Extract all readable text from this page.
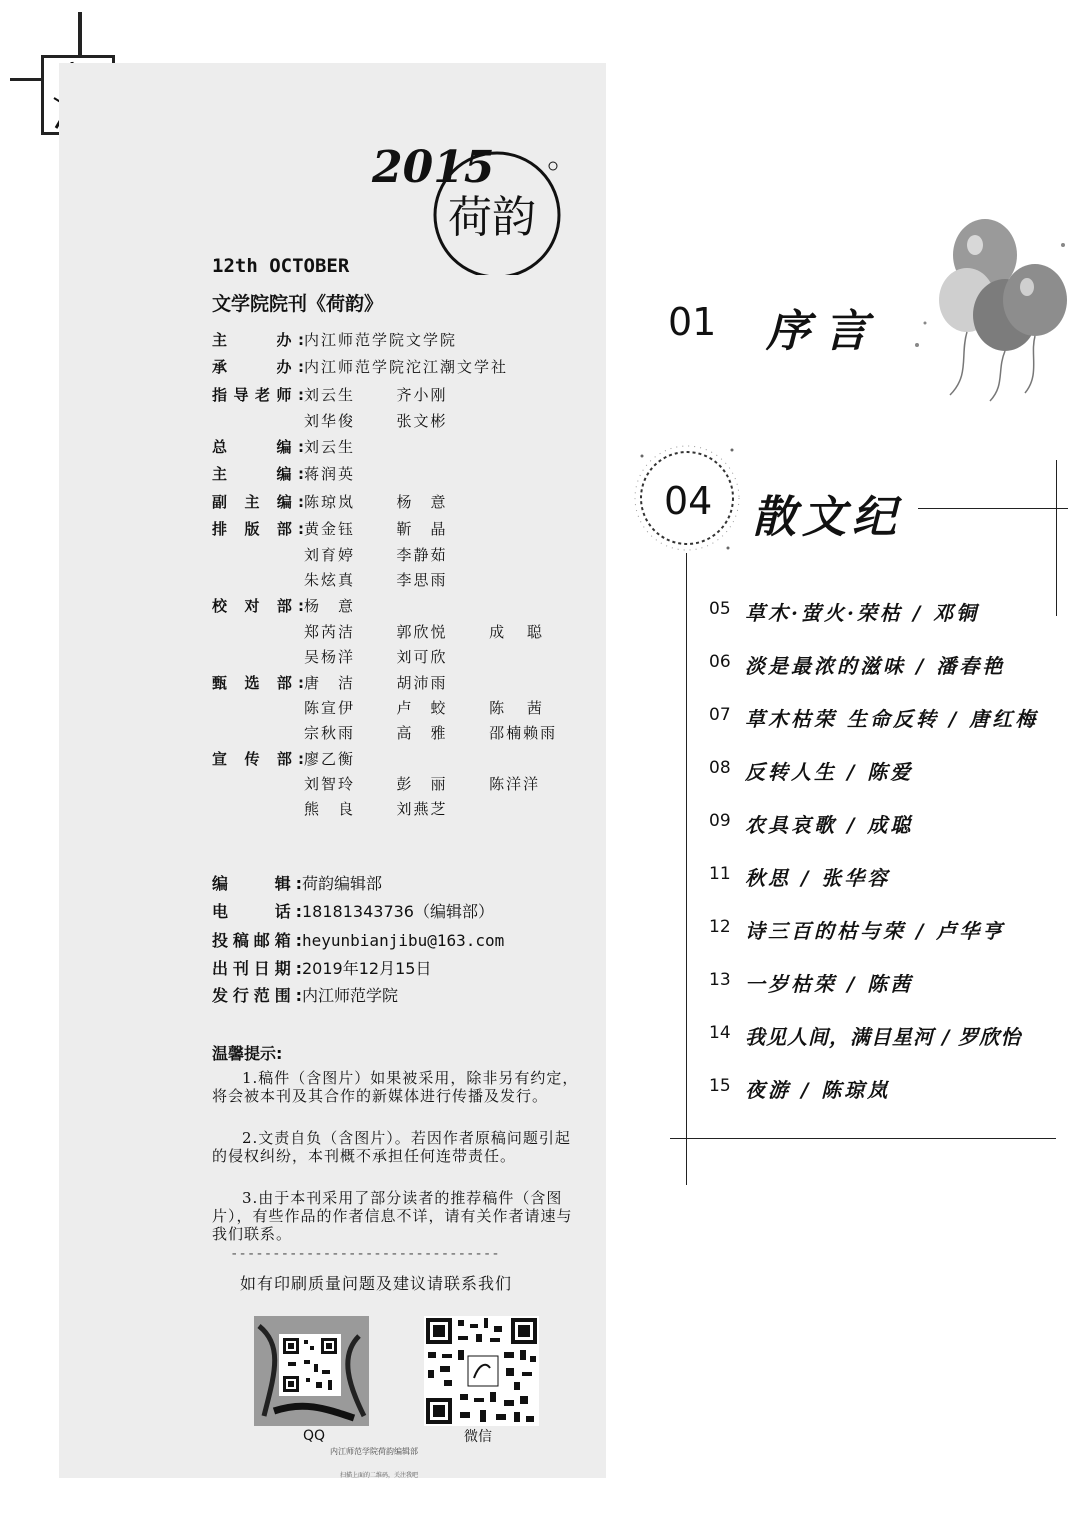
2015
荷韵
12th OCTOBER
文学院院刊《荷韵》
主　　办: 内江师范学院文学院
承　　办: 内江师范学院沱江潮文学社
指导老师: 刘云生  齐小刚
刘华俊  张文彬
总　　编: 刘云生
主　　编: 蒋润英
副 主 编: 陈琼岚  杨　意
排 版 部: 黄金钰  靳　晶
刘育婷  李静茹
朱炫真  李思雨
校 对 部: 杨　意
郑芮洁  郭欣悦  成 聪
吴杨洋  刘可欣
甄 选 部: 唐　洁  胡沛雨
陈宣伊  卢　蛟  陈 茜
宗秋雨  高　雅  邵楠赖雨
宣 传 部: 廖乙衡
刘智玲  彭　丽  陈洋洋
熊　良  刘燕芝
编　　辑: 荷韵编辑部
电　　话: 18181343736（编辑部）
投稿邮箱: heyunbianjibu@163.com
出刊日期: 2019年12月15日
发行范围: 内江师范学院
温馨提示:
1.稿件（含图片）如果被采用，除非另有约定，将会被本刊及其合作的新媒体进行传播及发行。
2.文责自负（含图片）。若因作者原稿问题引起的侵权纠纷，本刊概不承担任何连带责任。
3.由于本刊采用了部分读者的推荐稿件（含图片），有些作品的作者信息不详，请有关作者请速与我们联系。
--------------------------------
如有印刷质量问题及建议请联系我们
QQ	微信
内江师范学院荷韵编辑部
扫描上面的二维码，关注我吧
01 序言
04 散文纪
05 草木·萤火·荣枯 / 邓铜
06 淡是最浓的滋味 / 潘春艳
07 草木枯荣 生命反转 / 唐红梅
08 反转人生 / 陈爱
09 农具哀歌 / 成聪
11 秋思 / 张华容
12 诗三百的枯与荣 / 卢华亨
13 一岁枯荣 / 陈茜
14 我见人间，满目星河 / 罗欣怡
15 夜游 / 陈琼岚
